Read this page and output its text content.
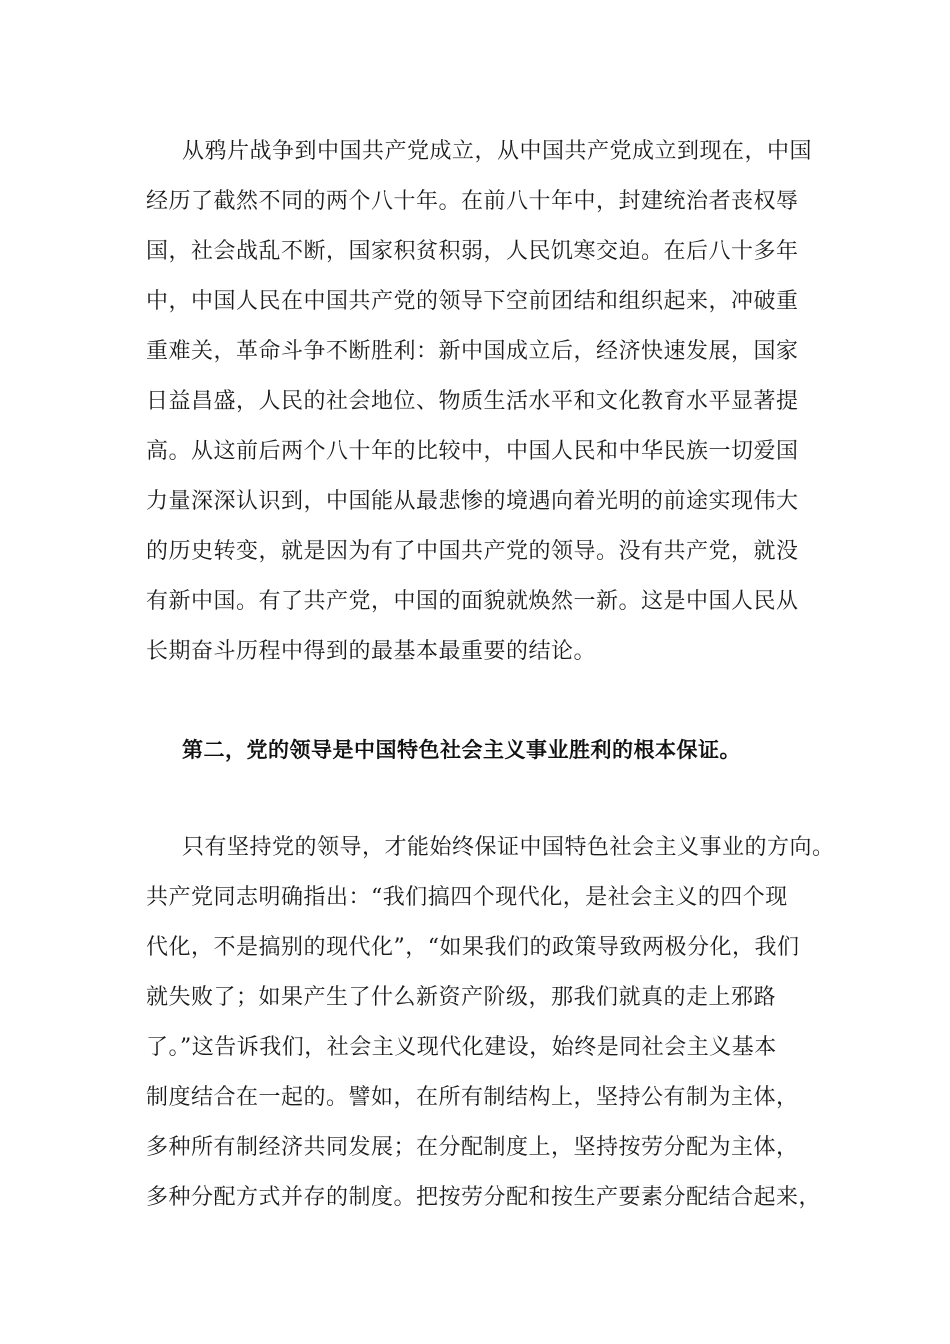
从鸦片战争到中国共产党成立，从中国共产党成立到现在，中国
经历了截然不同的两个八十年。在前八十年中，封建统治者丧权辱
国，社会战乱不断，国家积贫积弱，人民饥寒交迫。在后八十多年
中，中国人民在中国共产党的领导下空前团结和组织起来，冲破重
重难关，革命斗争不断胜利：新中国成立后，经济快速发展，国家
日益昌盛，人民的社会地位、物质生活水平和文化教育水平显著提
高。从这前后两个八十年的比较中，中国人民和中华民族一切爱国
力量深深认识到，中国能从最悲惨的境遇向着光明的前途实现伟大
的历史转变，就是因为有了中国共产党的领导。没有共产党，就没
有新中国。有了共产党，中国的面貌就焕然一新。这是中国人民从
长期奋斗历程中得到的最基本最重要的结论。
第二，党的领导是中国特色社会主义事业胜利的根本保证。
只有坚持党的领导，才能始终保证中国特色社会主义事业的方向。
共产党同志明确指出：“我们搞四个现代化，是社会主义的四个现
代化，不是搞别的现代化”，“如果我们的政策导致两极分化，我们
就失败了；如果产生了什么新资产阶级，那我们就真的走上邪路
了。”这告诉我们，社会主义现代化建设，始终是同社会主义基本
制度结合在一起的。譬如，在所有制结构上，坚持公有制为主体，
多种所有制经济共同发展；在分配制度上，坚持按劳分配为主体，
多种分配方式并存的制度。把按劳分配和按生产要素分配结合起来，
